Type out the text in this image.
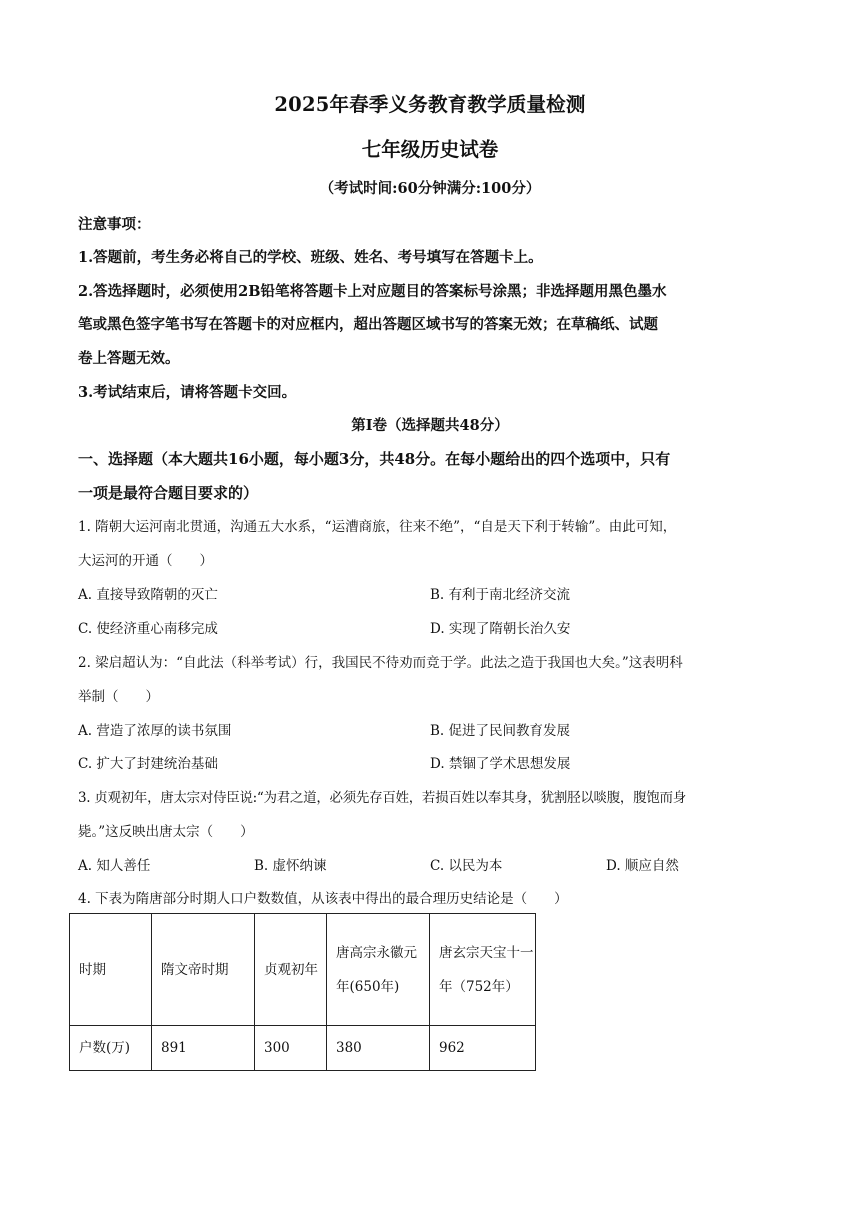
2025年春季义务教育教学质量检测
七年级历史试卷
（考试时间:60分钟满分:100分）
注意事项：
1.答题前，考生务必将自己的学校、班级、姓名、考号填写在答题卡上。
2.答选择题时，必须使用2B铅笔将答题卡上对应题目的答案标号涂黑；非选择题用黑色墨水
笔或黑色签字笔书写在答题卡的对应框内，超出答题区域书写的答案无效；在草稿纸、试题
卷上答题无效。
3.考试结束后，请将答题卡交回。
第Ⅰ卷（选择题共48分）
一、选择题（本大题共16小题，每小题3分，共48分。在每小题给出的四个选项中，只有
一项是最符合题目要求的）
1. 隋朝大运河南北贯通，沟通五大水系，“运漕商旅，往来不绝”，“自是天下利于转输”。由此可知，
大运河的开通（　　）
A. 直接导致隋朝的灭亡	B. 有利于南北经济交流
C. 使经济重心南移完成	D. 实现了隋朝长治久安
2. 梁启超认为：“自此法（科举考试）行，我国民不待劝而竞于学。此法之造于我国也大矣。”这表明科
举制（　　）
A. 营造了浓厚的读书氛围	B. 促进了民间教育发展
C. 扩大了封建统治基础	D. 禁锢了学术思想发展
3. 贞观初年，唐太宗对侍臣说:“为君之道，必须先存百姓，若损百姓以奉其身，犹割胫以啖腹，腹饱而身
毙。”这反映出唐太宗（　　）
A. 知人善任	B. 虚怀纳谏	C. 以民为本	D. 顺应自然
4. 下表为隋唐部分时期人口户数数值，从该表中得出的最合理历史结论是（　　）
时期	隋文帝时期	贞观初年	唐高宗永徽元年(650年)	唐玄宗天宝十一年（752年）
户数(万)	891	300	380	962
